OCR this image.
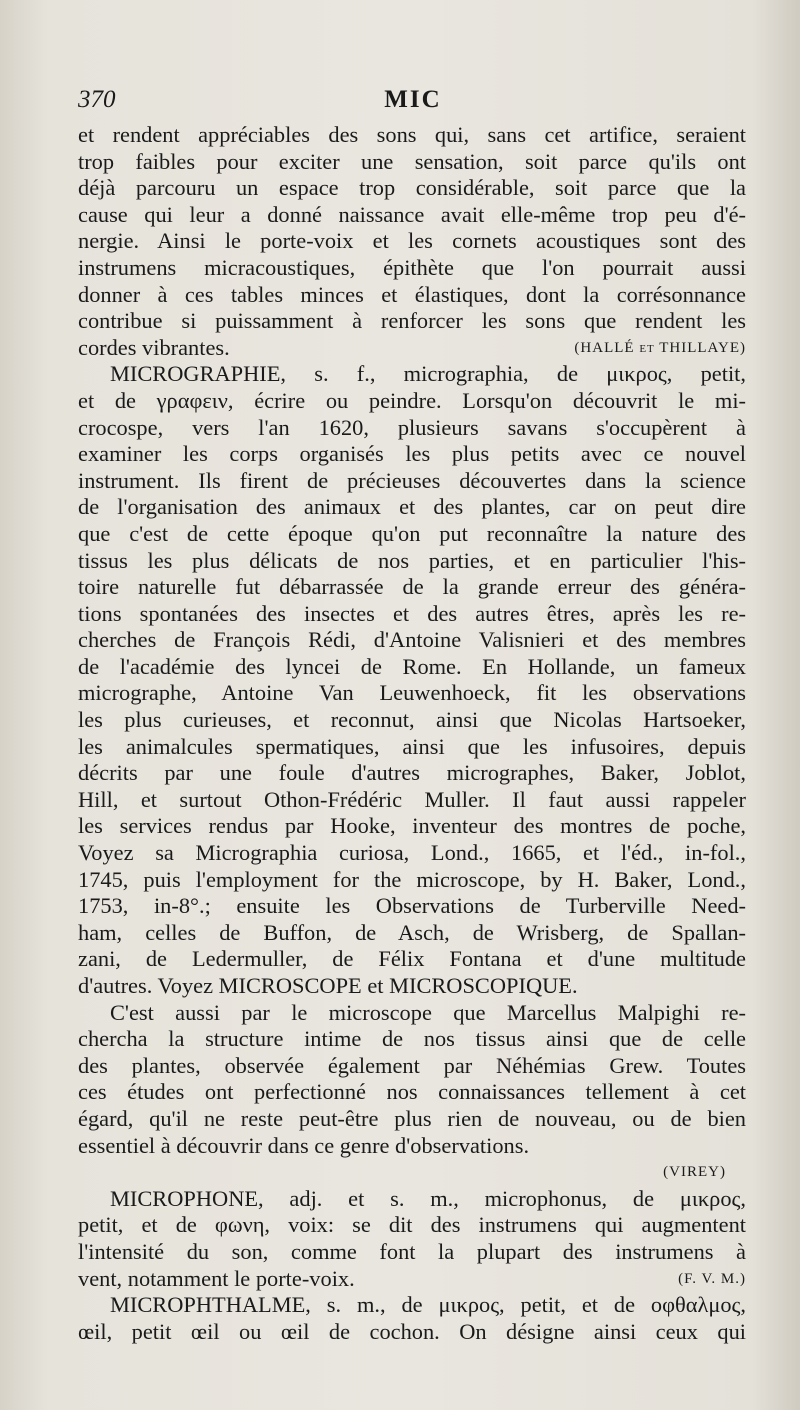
370	MIC
et rendent appréciables des sons qui, sans cet artifice, seraient
trop faibles pour exciter une sensation, soit parce qu'ils ont
déjà parcouru un espace trop considérable, soit parce que la
cause qui leur a donné naissance avait elle-même trop peu d'é-
nergie. Ainsi le porte-voix et les cornets acoustiques sont des
instrumens micracoustiques, épithète que l'on pourrait aussi
donner à ces tables minces et élastiques, dont la corrésonnance
contribue si puissamment à renforcer les sons que rendent les
cordes vibrantes.	(HALLÉ et THILLAYE)
MICROGRAPHIE, s. f., micrographia, de μικρος, petit,
et de γραφειν, écrire ou peindre. Lorsqu'on découvrit le mi-
crocospe, vers l'an 1620, plusieurs savans s'occupèrent à
examiner les corps organisés les plus petits avec ce nouvel
instrument. Ils firent de précieuses découvertes dans la science
de l'organisation des animaux et des plantes, car on peut dire
que c'est de cette époque qu'on put reconnaître la nature des
tissus les plus délicats de nos parties, et en particulier l'his-
toire naturelle fut débarrassée de la grande erreur des généra-
tions spontanées des insectes et des autres êtres, après les re-
cherches de François Rédi, d'Antoine Valisnieri et des membres
de l'académie des lyncei de Rome. En Hollande, un fameux
micrographe, Antoine Van Leuwenhoeck, fit les observations
les plus curieuses, et reconnut, ainsi que Nicolas Hartsoeker,
les animalcules spermatiques, ainsi que les infusoires, depuis
décrits par une foule d'autres micrographes, Baker, Joblot,
Hill, et surtout Othon-Frédéric Muller. Il faut aussi rappeler
les services rendus par Hooke, inventeur des montres de poche,
Voyez sa Micrographia curiosa, Lond., 1665, et l'éd., in-fol.,
1745, puis l'employment for the microscope, by H. Baker, Lond.,
1753, in-8°.; ensuite les Observations de Turberville Need-
ham, celles de Buffon, de Asch, de Wrisberg, de Spallan-
zani, de Ledermuller, de Félix Fontana et d'une multitude
d'autres. Voyez MICROSCOPE et MICROSCOPIQUE.
C'est aussi par le microscope que Marcellus Malpighi re-
chercha la structure intime de nos tissus ainsi que de celle
des plantes, observée également par Néhémias Grew. Toutes
ces études ont perfectionné nos connaissances tellement à cet
égard, qu'il ne reste peut-être plus rien de nouveau, ou de bien
essentiel à découvrir dans ce genre d'observations.
(VIREY)
MICROPHONE, adj. et s. m., microphonus, de μικρος,
petit, et de φωνη, voix: se dit des instrumens qui augmentent
l'intensité du son, comme font la plupart des instrumens à
vent, notamment le porte-voix.	(F. V. M.)
MICROPHTHALME, s. m., de μικρος, petit, et de οφθαλμος,
œil, petit œil ou œil de cochon. On désigne ainsi ceux qui
